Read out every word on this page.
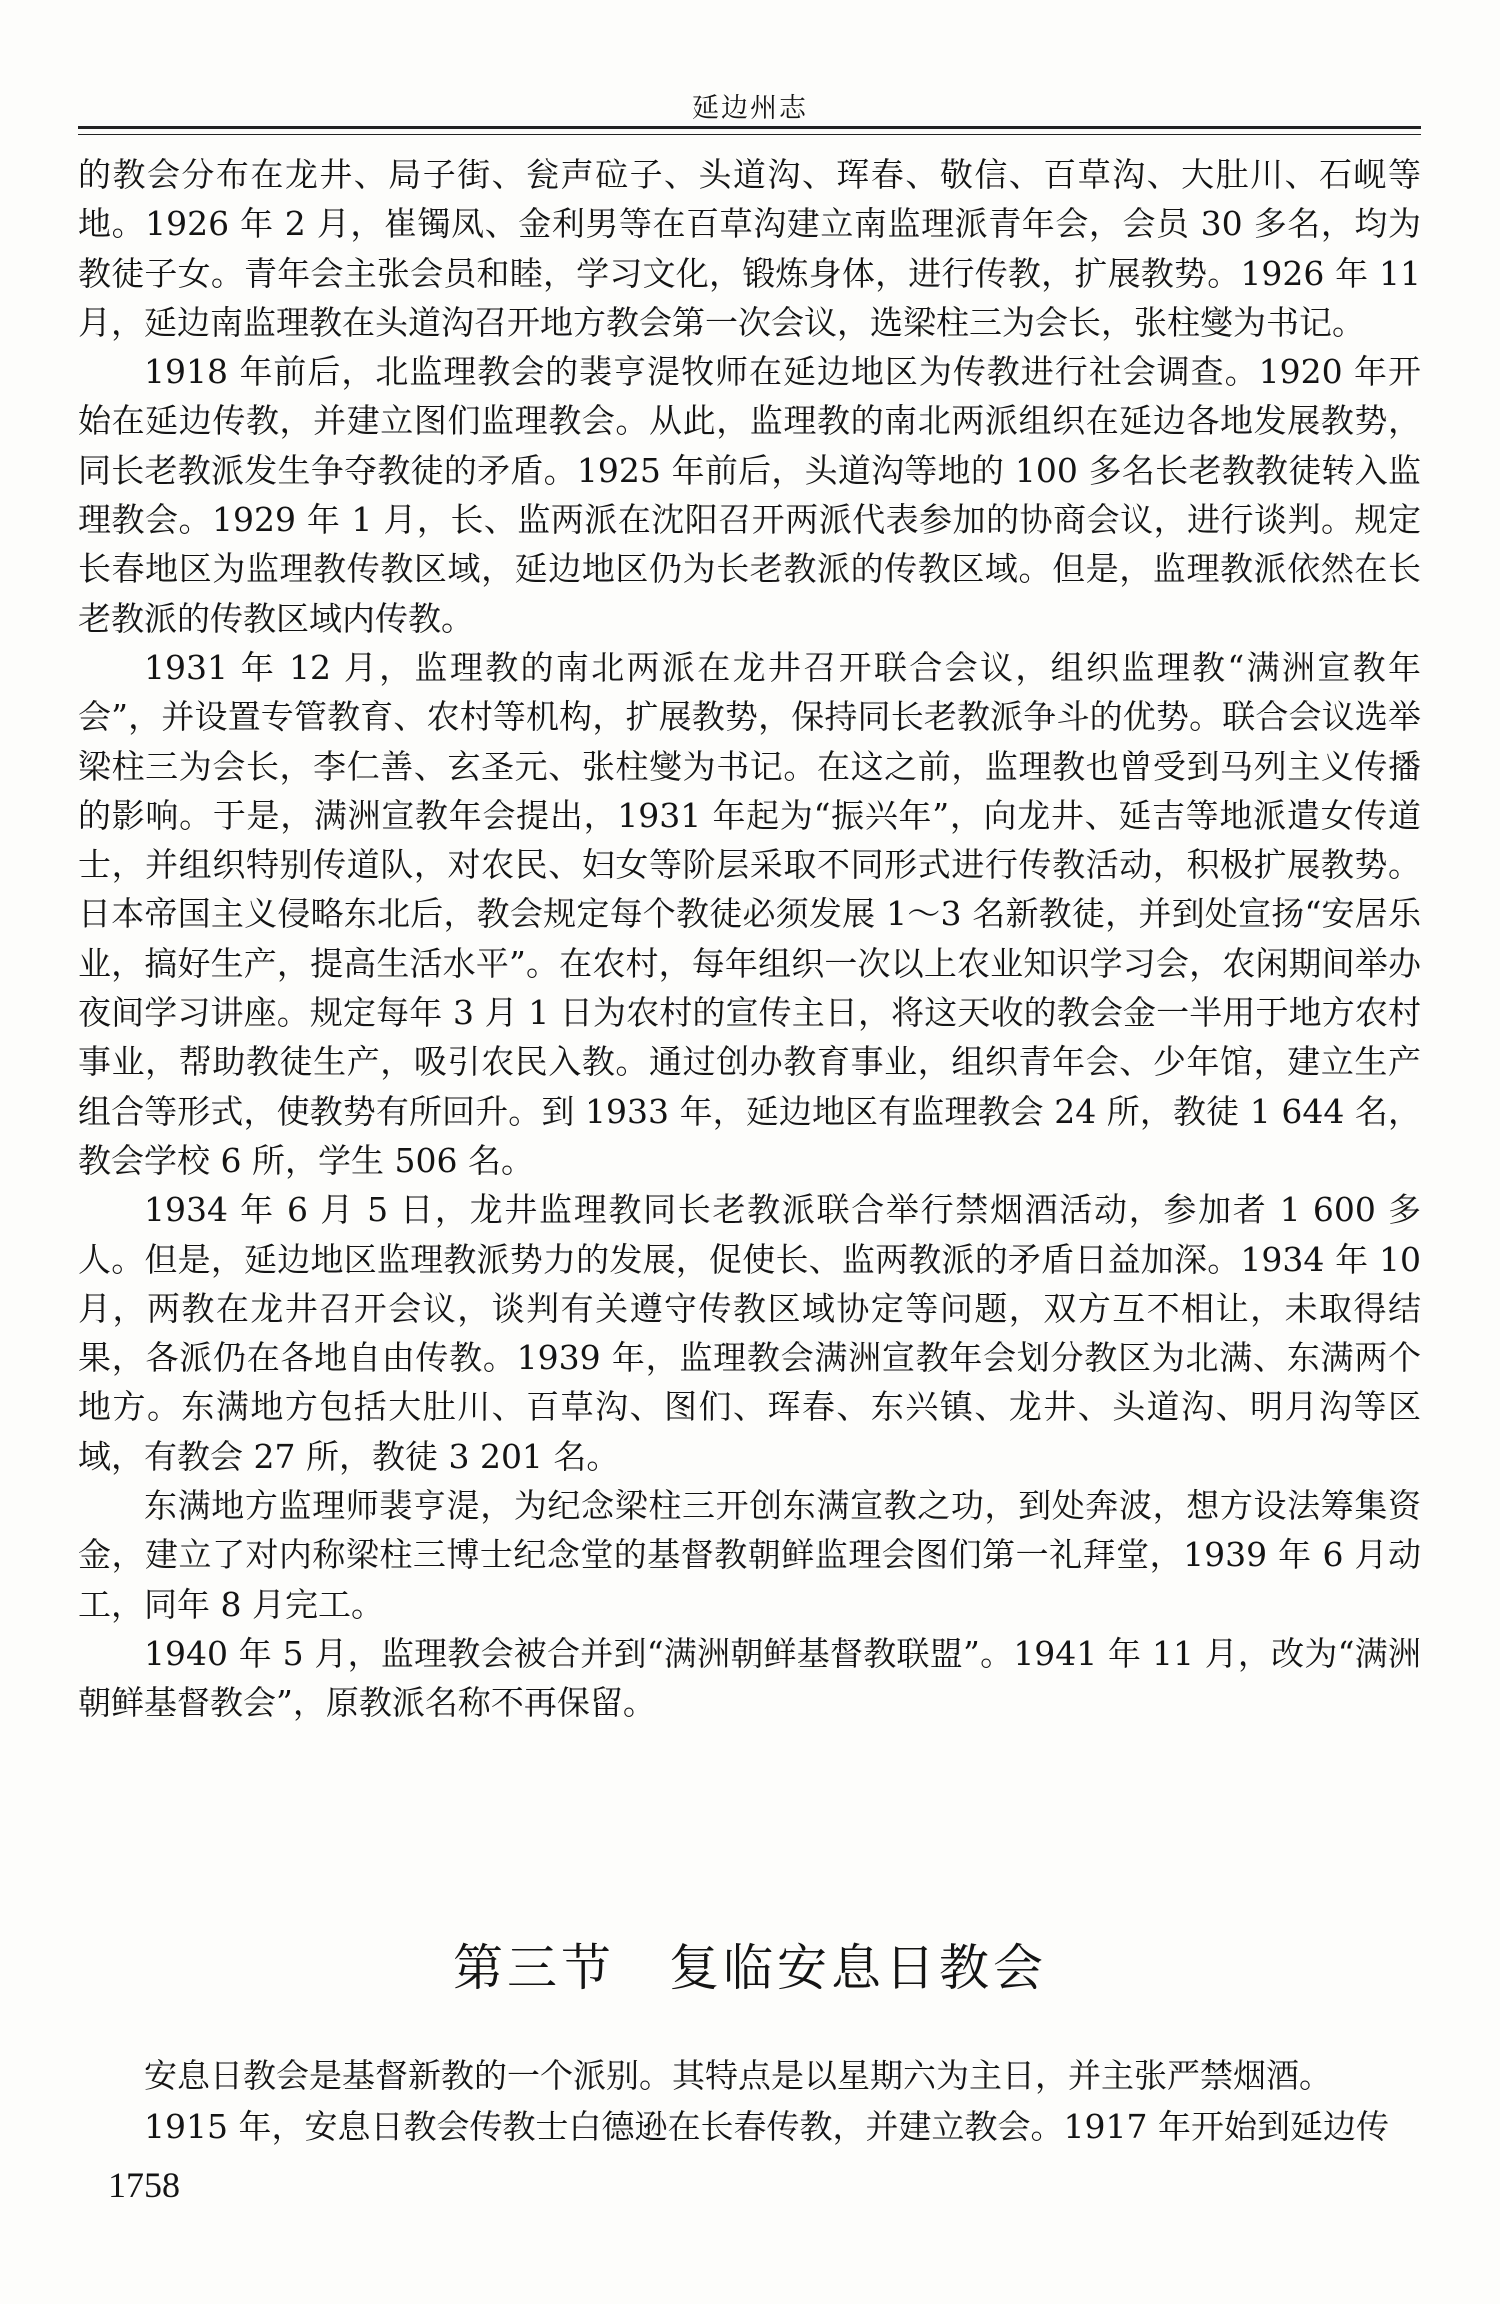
延边州志

的教会分布在龙井、局子街、瓮声砬子、头道沟、珲春、敬信、百草沟、大肚川、石岘等地。1926 年 2 月，崔镯凤、金利男等在百草沟建立南监理派青年会，会员 30 多名，均为教徒子女。青年会主张会员和睦，学习文化，锻炼身体，进行传教，扩展教势。1926 年 11 月，延边南监理教在头道沟召开地方教会第一次会议，选梁柱三为会长，张柱燮为书记。

1918 年前后，北监理教会的裴亨湜牧师在延边地区为传教进行社会调查。1920 年开始在延边传教，并建立图们监理教会。从此，监理教的南北两派组织在延边各地发展教势，同长老教派发生争夺教徒的矛盾。1925 年前后，头道沟等地的 100 多名长老教教徒转入监理教会。1929 年 1 月，长、监两派在沈阳召开两派代表参加的协商会议，进行谈判。规定长春地区为监理教传教区域，延边地区仍为长老教派的传教区域。但是，监理教派依然在长老教派的传教区域内传教。

1931 年 12 月，监理教的南北两派在龙井召开联合会议，组织监理教“满洲宣教年会”，并设置专管教育、农村等机构，扩展教势，保持同长老教派争斗的优势。联合会议选举梁柱三为会长，李仁善、玄圣元、张柱燮为书记。在这之前，监理教也曾受到马列主义传播的影响。于是，满洲宣教年会提出，1931 年起为“振兴年”，向龙井、延吉等地派遣女传道士，并组织特别传道队，对农民、妇女等阶层采取不同形式进行传教活动，积极扩展教势。日本帝国主义侵略东北后，教会规定每个教徒必须发展 1～3 名新教徒，并到处宣扬“安居乐业，搞好生产，提高生活水平”。在农村，每年组织一次以上农业知识学习会，农闲期间举办夜间学习讲座。规定每年 3 月 1 日为农村的宣传主日，将这天收的教会金一半用于地方农村事业，帮助教徒生产，吸引农民入教。通过创办教育事业，组织青年会、少年馆，建立生产组合等形式，使教势有所回升。到 1933 年，延边地区有监理教会 24 所，教徒 1 644 名，教会学校 6 所，学生 506 名。

1934 年 6 月 5 日，龙井监理教同长老教派联合举行禁烟酒活动，参加者 1 600 多人。但是，延边地区监理教派势力的发展，促使长、监两教派的矛盾日益加深。1934 年 10 月，两教在龙井召开会议，谈判有关遵守传教区域协定等问题，双方互不相让，未取得结果，各派仍在各地自由传教。1939 年，监理教会满洲宣教年会划分教区为北满、东满两个地方。东满地方包括大肚川、百草沟、图们、珲春、东兴镇、龙井、头道沟、明月沟等区域，有教会 27 所，教徒 3 201 名。

东满地方监理师裴亨湜，为纪念梁柱三开创东满宣教之功，到处奔波，想方设法筹集资金，建立了对内称梁柱三博士纪念堂的基督教朝鲜监理会图们第一礼拜堂，1939 年 6 月动工，同年 8 月完工。

1940 年 5 月，监理教会被合并到“满洲朝鲜基督教联盟”。1941 年 11 月，改为“满洲朝鲜基督教会”，原教派名称不再保留。

第三节　复临安息日教会

安息日教会是基督新教的一个派别。其特点是以星期六为主日，并主张严禁烟酒。

1915 年，安息日教会传教士白德逊在长春传教，并建立教会。1917 年开始到延边传

1758
